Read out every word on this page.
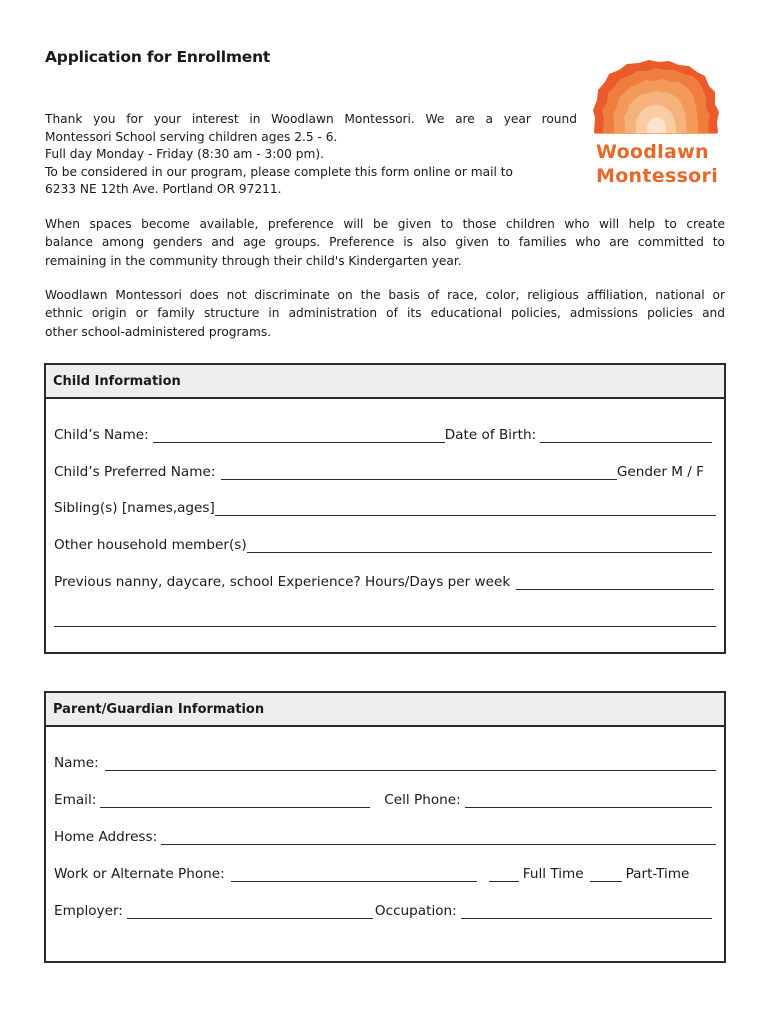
Application for Enrollment
Thank you for your interest in Woodlawn Montessori. We are a year round
Montessori School serving children ages 2.5 - 6.
Full day Monday - Friday (8:30 am - 3:00 pm).
To be considered in our program, please complete this form online or mail to
6233 NE 12th Ave. Portland OR 97211.
Woodlawn
Montessori
When spaces become available, preference will be given to those children who will help to create
balance among genders and age groups. Preference is also given to families who are committed to
remaining in the community through their child's Kindergarten year.
Woodlawn Montessori does not discriminate on the basis of race, color, religious affiliation, national or
ethnic origin or family structure in administration of its educational policies, admissions policies and
other school-administered programs.
Child Information
Child’s Name:	Date of Birth:
Child’s Preferred Name:	Gender M / F
Sibling(s) [names,ages]
Other household member(s)
Previous nanny, daycare, school Experience? Hours/Days per week
Parent/Guardian Information
Name:
Email:	Cell Phone:
Home Address:
Work or Alternate Phone:	Full Time	Part-Time
Employer:	Occupation:
